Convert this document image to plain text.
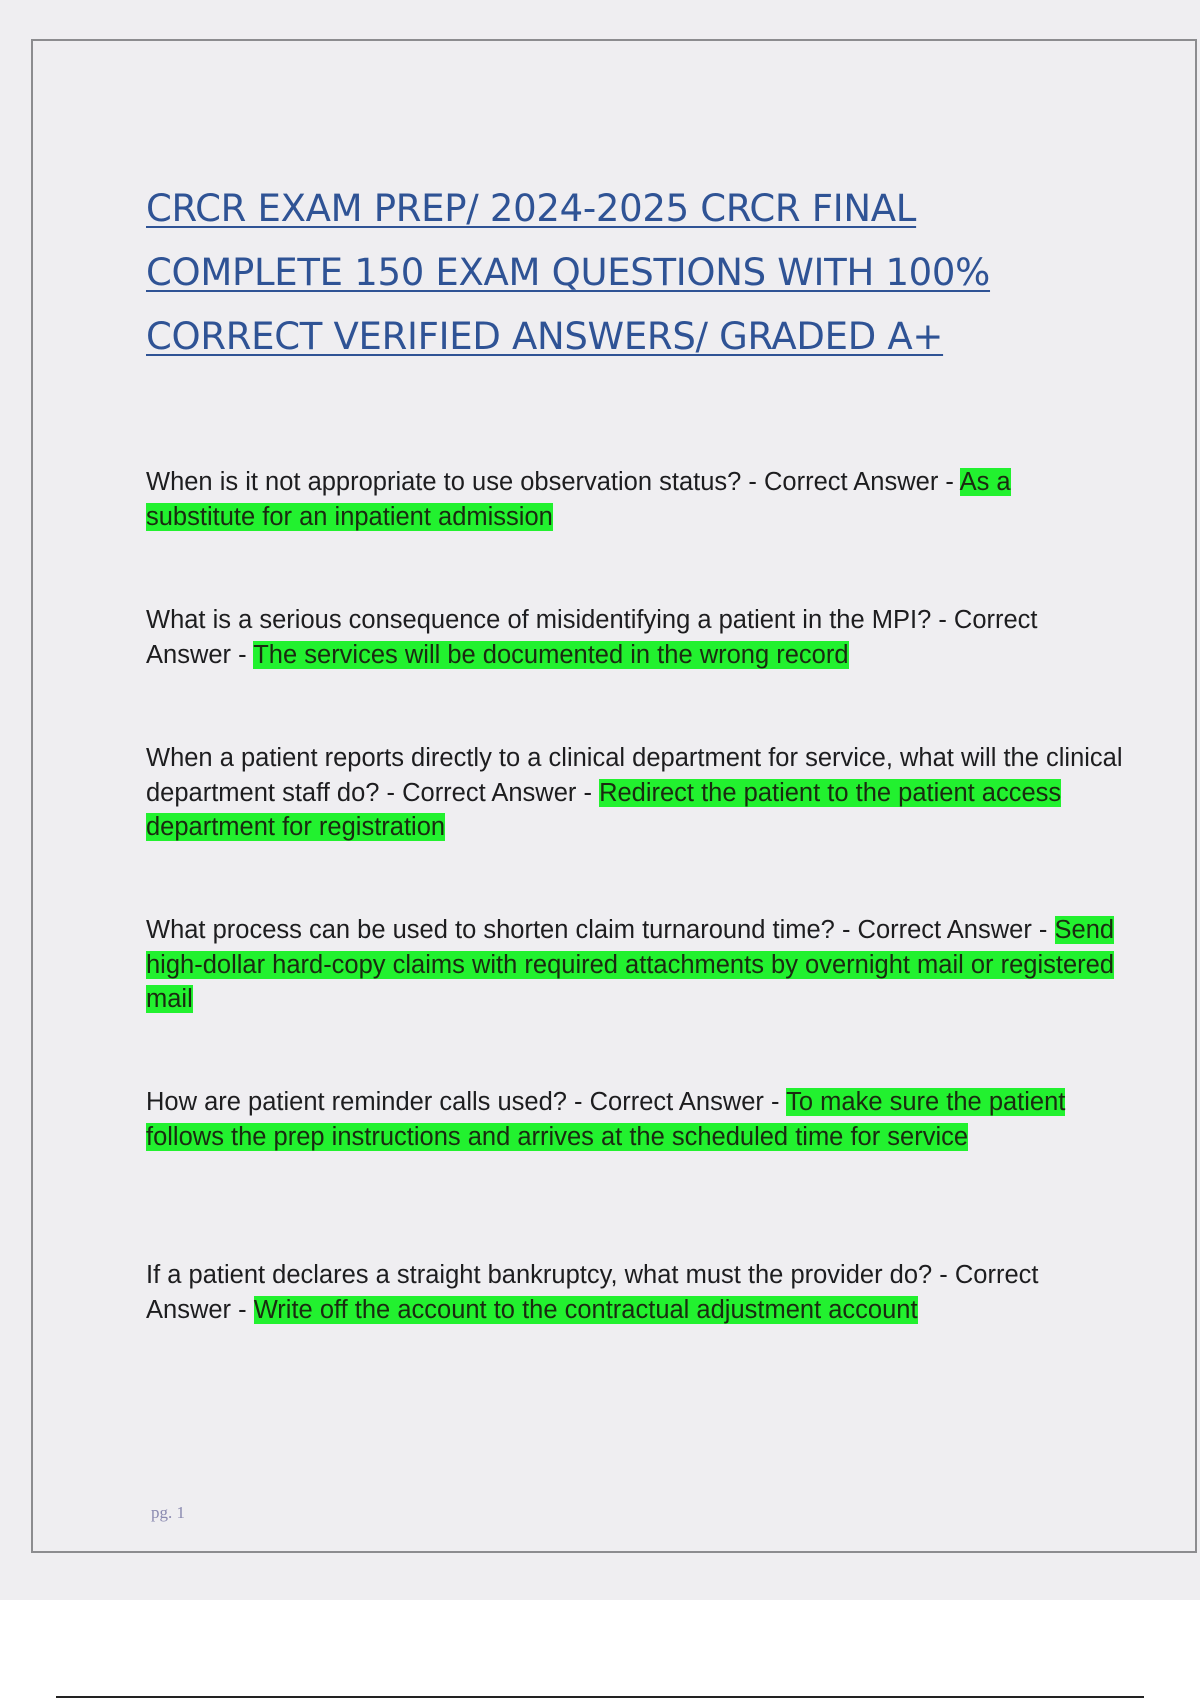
CRCR EXAM PREP/ 2024-2025 CRCR FINAL
COMPLETE 150 EXAM QUESTIONS WITH 100%
CORRECT VERIFIED ANSWERS/ GRADED A+

When is it not appropriate to use observation status? - Correct Answer - As a substitute for an inpatient admission

What is a serious consequence of misidentifying a patient in the MPI? - Correct Answer - The services will be documented in the wrong record

When a patient reports directly to a clinical department for service, what will the clinical department staff do? - Correct Answer - Redirect the patient to the patient access department for registration

What process can be used to shorten claim turnaround time? - Correct Answer - Send high-dollar hard-copy claims with required attachments by overnight mail or registered mail

How are patient reminder calls used? - Correct Answer - To make sure the patient follows the prep instructions and arrives at the scheduled time for service

If a patient declares a straight bankruptcy, what must the provider do? - Correct Answer - Write off the account to the contractual adjustment account

pg. 1
